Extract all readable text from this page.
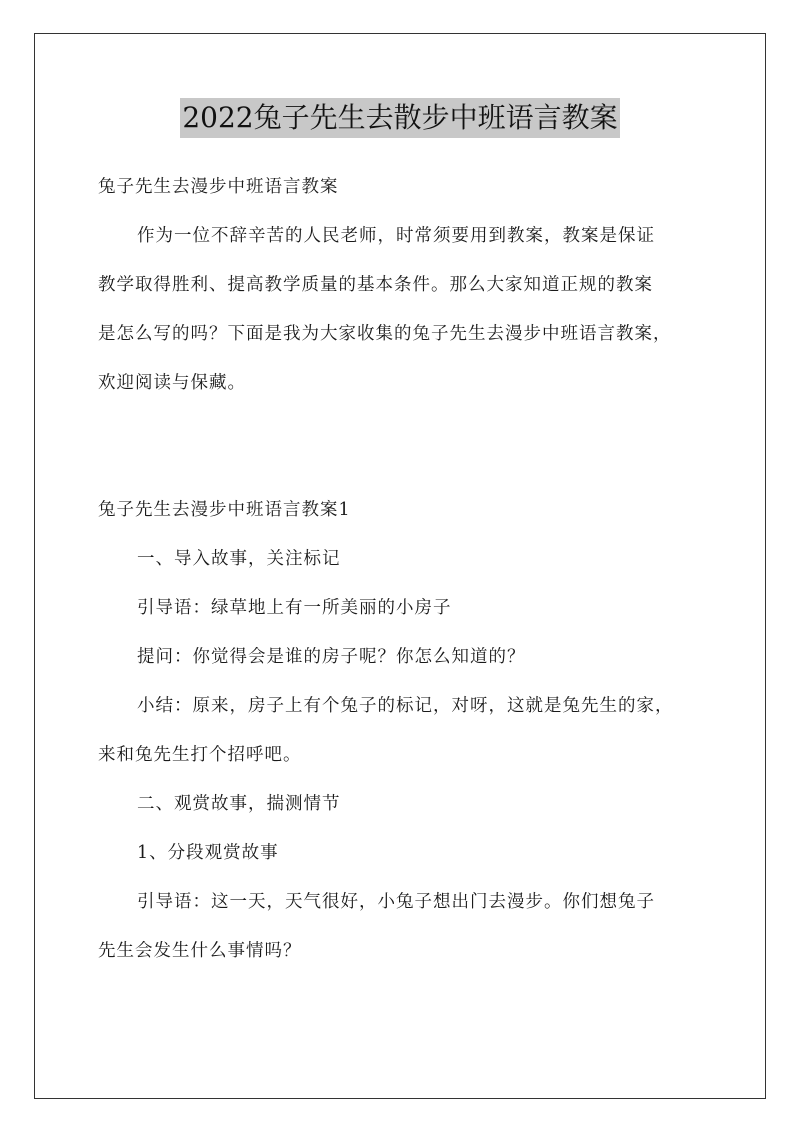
2022兔子先生去散步中班语言教案
兔子先生去漫步中班语言教案
作为一位不辞辛苦的人民老师，时常须要用到教案，教案是保证
教学取得胜利、提高教学质量的基本条件。那么大家知道正规的教案
是怎么写的吗？下面是我为大家收集的兔子先生去漫步中班语言教案，
欢迎阅读与保藏。
兔子先生去漫步中班语言教案1
一、导入故事，关注标记
引导语：绿草地上有一所美丽的小房子
提问：你觉得会是谁的房子呢？你怎么知道的？
小结：原来，房子上有个兔子的标记，对呀，这就是兔先生的家，
来和兔先生打个招呼吧。
二、观赏故事，揣测情节
1、分段观赏故事
引导语：这一天，天气很好，小兔子想出门去漫步。你们想兔子
先生会发生什么事情吗？
